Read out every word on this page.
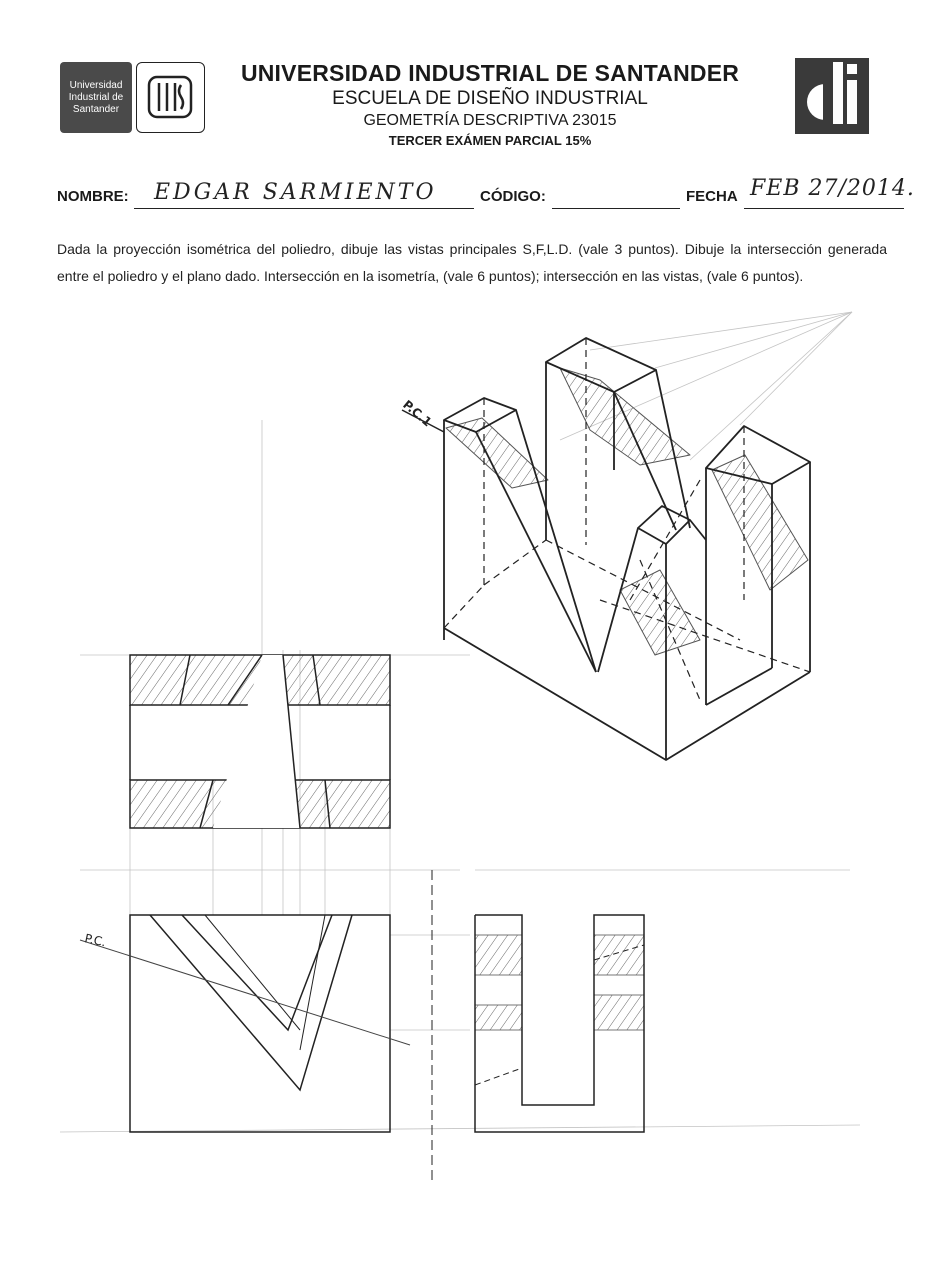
Universidad
Industrial de
Santander
UNIVERSIDAD INDUSTRIAL DE SANTANDER
ESCUELA DE DISEÑO INDUSTRIAL
GEOMETRÍA DESCRIPTIVA 23015
TERCER EXÁMEN PARCIAL 15%
NOMBRE: EDGAR SARMIENTO	CÓDIGO:	FECHA FEB 27/2014.
Dada la proyección isométrica del poliedro, dibuje las vistas principales S,F,L.D. (vale 3 puntos). Dibuje la intersección generada entre el poliedro y el plano dado. Intersección en la isometría, (vale 6 puntos); intersección en las vistas, (vale 6 puntos).
P.C.1
P.C.
